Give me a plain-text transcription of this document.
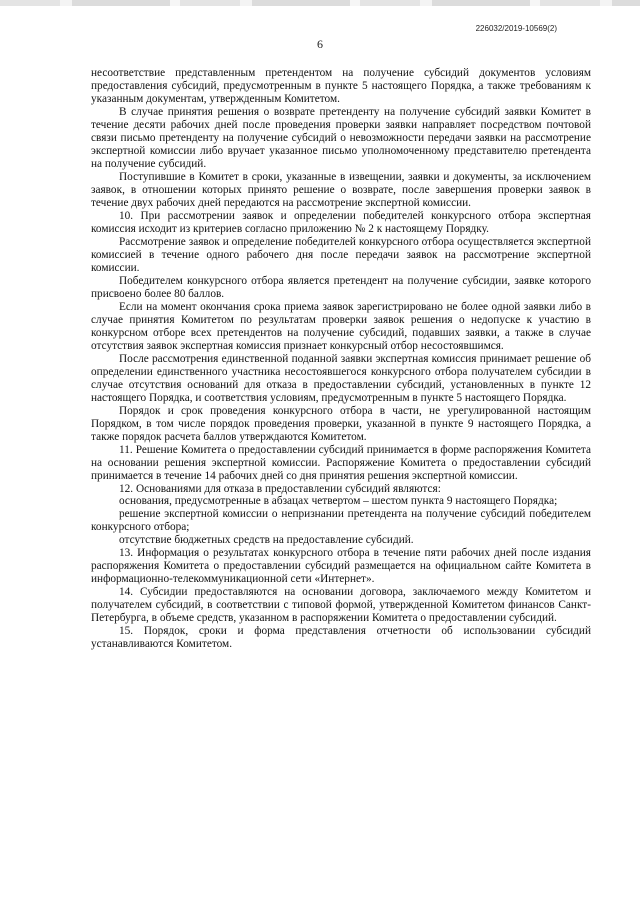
226032/2019-10569(2)
6

несоответствие представленным претендентом на получение субсидий документов условиям предоставления субсидий, предусмотренным в пункте 5 настоящего Порядка, а также требованиям к указанным документам, утвержденным Комитетом.

В случае принятия решения о возврате претенденту на получение субсидий заявки Комитет в течение десяти рабочих дней после проведения проверки заявки направляет посредством почтовой связи письмо претенденту на получение субсидий о невозможности передачи заявки на рассмотрение экспертной комиссии либо вручает указанное письмо уполномоченному представителю претендента на получение субсидий.

Поступившие в Комитет в сроки, указанные в извещении, заявки и документы, за исключением заявок, в отношении которых принято решение о возврате, после завершения проверки заявок в течение двух рабочих дней передаются на рассмотрение экспертной комиссии.

10. При рассмотрении заявок и определении победителей конкурсного отбора экспертная комиссия исходит из критериев согласно приложению № 2 к настоящему Порядку.

Рассмотрение заявок и определение победителей конкурсного отбора осуществляется экспертной комиссией в течение одного рабочего дня после передачи заявок на рассмотрение экспертной комиссии.

Победителем конкурсного отбора является претендент на получение субсидии, заявке которого присвоено более 80 баллов.

Если на момент окончания срока приема заявок зарегистрировано не более одной заявки либо в случае принятия Комитетом по результатам проверки заявок решения о недопуске к участию в конкурсном отборе всех претендентов на получение субсидий, подавших заявки, а также в случае отсутствия заявок экспертная комиссия признает конкурсный отбор несостоявшимся.

После рассмотрения единственной поданной заявки экспертная комиссия принимает решение об определении единственного участника несостоявшегося конкурсного отбора получателем субсидии в случае отсутствия оснований для отказа в предоставлении субсидий, установленных в пункте 12 настоящего Порядка, и соответствия условиям, предусмотренным в пункте 5 настоящего Порядка.

Порядок и срок проведения конкурсного отбора в части, не урегулированной настоящим Порядком, в том числе порядок проведения проверки, указанной в пункте 9 настоящего Порядка, а также порядок расчета баллов утверждаются Комитетом.

11. Решение Комитета о предоставлении субсидий принимается в форме распоряжения Комитета на основании решения экспертной комиссии. Распоряжение Комитета о предоставлении субсидий принимается в течение 14 рабочих дней со дня принятия решения экспертной комиссии.

12. Основаниями для отказа в предоставлении субсидий являются:

основания, предусмотренные в абзацах четвертом – шестом пункта 9 настоящего Порядка;

решение экспертной комиссии о непризнании претендента на получение субсидий победителем конкурсного отбора;

отсутствие бюджетных средств на предоставление субсидий.

13. Информация о результатах конкурсного отбора в течение пяти рабочих дней после издания распоряжения Комитета о предоставлении субсидий размещается на официальном сайте Комитета в информационно-телекоммуникационной сети «Интернет».

14. Субсидии предоставляются на основании договора, заключаемого между Комитетом и получателем субсидий, в соответствии с типовой формой, утвержденной Комитетом финансов Санкт-Петербурга, в объеме средств, указанном в распоряжении Комитета о предоставлении субсидий.

15. Порядок, сроки и форма представления отчетности об использовании субсидий устанавливаются Комитетом.
